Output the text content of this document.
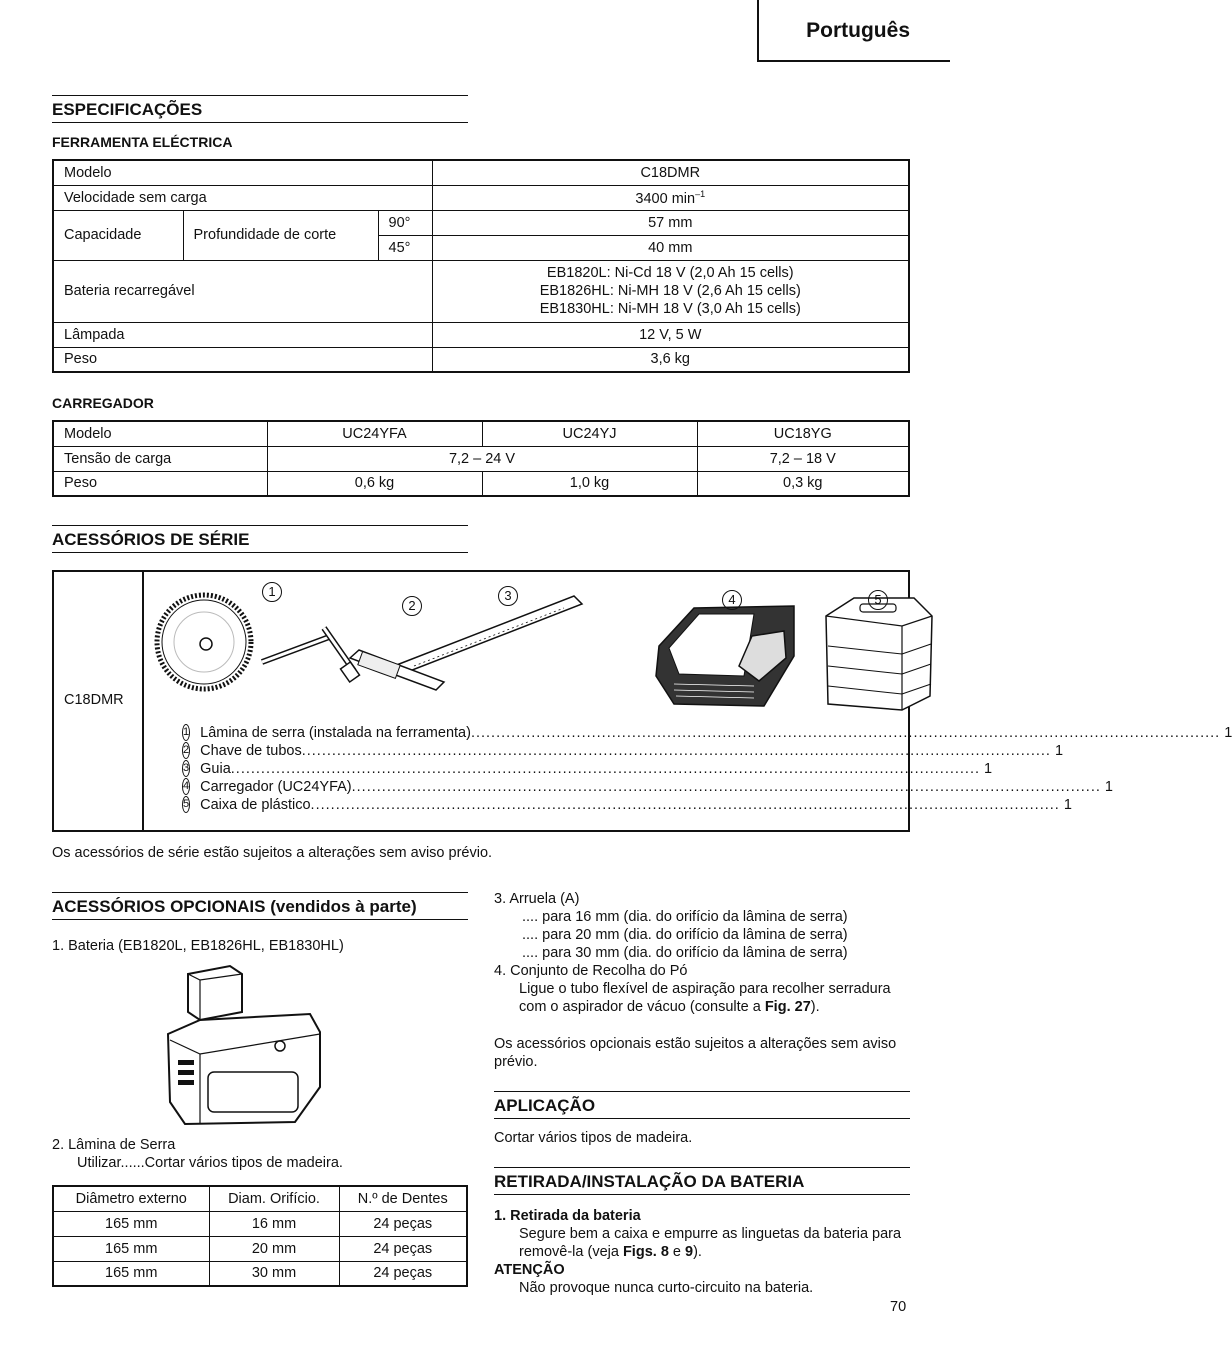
Português
ESPECIFICAÇÕES
FERRAMENTA ELÉCTRICA
Modelo			C18DMR
Velocidade sem carga			3400 $\min^{-1}$
Capacidade	Profundidade de corte	90°	57 mm
		45°	40 mm
Bateria recarregável			EB1820L: Ni-Cd 18 V (2,0 Ah 15 cells)
EB1826HL: Ni-MH 18 V (2,6 Ah 15 cells)
EB1830HL: Ni-MH 18 V (3,0 Ah 15 cells)

Lâmpada			12 V, 5 W
Peso			3,6 kg
CARREGADOR
Modelo	UC24YFA	UC24YJ	UC18YG
Tensão de carga	7,2 – 24 V		7,2 – 18 V
Peso	0,6 kg	1,0 kg	0,3 kg
ACESSÓRIOS DE SÉRIE
C18DMR
1
2
3	4	5
1 Lâmina de serra (instalada na ferramenta) ..................................................................................................................................................... 1
2 Chave de tubos ..................................................................................................................................................... 1
3 Guia ..................................................................................................................................................... 1
4 Carregador (UC24YFA) ..................................................................................................................................................... 1
5 Caixa de plástico ..................................................................................................................................................... 1
Os acessórios de série estão sujeitos a alterações sem aviso prévio.
ACESSÓRIOS OPCIONAIS (vendidos à parte)
1. Bateria (EB1820L, EB1826HL, EB1830HL)
2. Lâmina de Serra
Utilizar......Cortar vários tipos de madeira.
Diâmetro externo	Diam. Orifício.	N.º de Dentes
165 mm	16 mm	24 peças
165 mm	20 mm	24 peças
165 mm	30 mm	24 peças
3. Arruela (A)
.... para 16 mm (dia. do orifício da lâmina de serra)
.... para 20 mm (dia. do orifício da lâmina de serra)
.... para 30 mm (dia. do orifício da lâmina de serra)
4. Conjunto de Recolha do Pó
Ligue o tubo flexível de aspiração para recolher serradura com o aspirador de vácuo (consulte a Fig. 27).
Os acessórios opcionais estão sujeitos a alterações sem aviso prévio.
APLICAÇÃO
Cortar vários tipos de madeira.
RETIRADA/INSTALAÇÃO DA BATERIA
1. Retirada da bateria
Segure bem a caixa e empurre as linguetas da bateria para removê-la (veja Figs. 8 e 9).
ATENÇÃO
Não provoque nunca curto-circuito na bateria.
70
